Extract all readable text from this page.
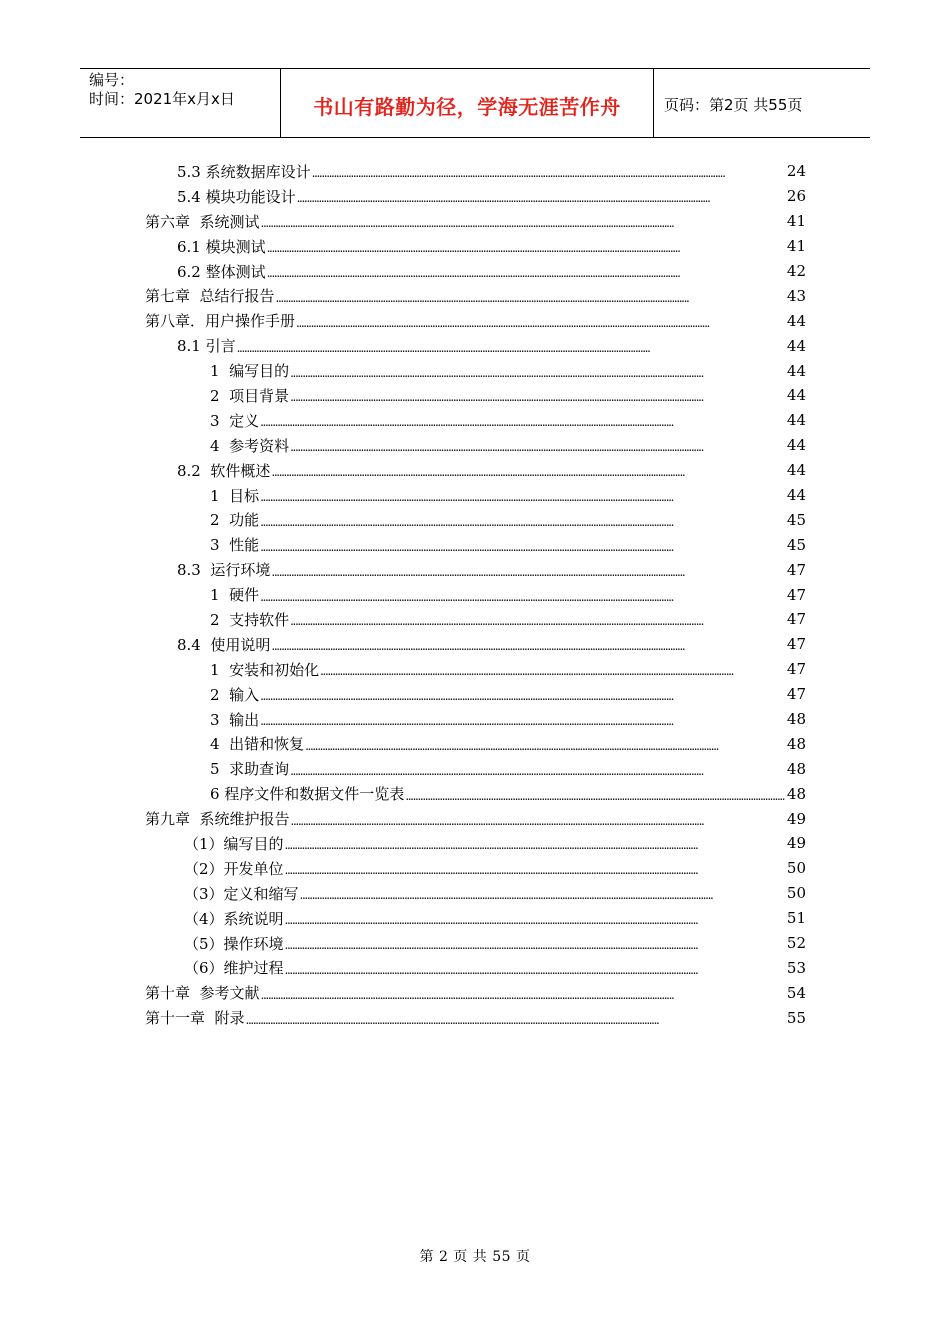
编号：
时间：2021年x月x日	书山有路勤为径，学海无涯苦作舟	页码：第2页 共55页
5.3 系统数据库设计 . . .	24
5.4 模块功能设计 . . .	26
第六章  系统测试 . . .	41
6.1 模块测试 . . .	41
6.2 整体测试 . . .	42
第七章  总结行报告 . . .	43
第八章．用户操作手册 . . .	44
8.1 引言 . . .	44
1  编写目的 . . .	44
2  项目背景 . . .	44
3  定义 . . .	44
4  参考资料 . . .	44
8.2  软件概述 . . .	44
1  目标 . . .	44
2  功能 . . .	45
3  性能 . . .	45
8.3  运行环境 . . .	47
1  硬件 . . .	47
2  支持软件 . . .	47
8.4  使用说明 . . .	47
1  安装和初始化 . . .	47
2  输入 . . .	47
3  输出 . . .	48
4  出错和恢复 . . .	48
5  求助查询 . . .	48
6 程序文件和数据文件一览表 . . .	48
第九章  系统维护报告 . . .	49
（1）编写目的 . . .	49
（2）开发单位 . . .	50
（3）定义和缩写 . . .	50
（4）系统说明 . . .	51
（5）操作环境 . . .	52
（6）维护过程 . . .	53
第十章  参考文献 . . .	54
第十一章  附录 . . .	55
第 2 页 共 55 页
